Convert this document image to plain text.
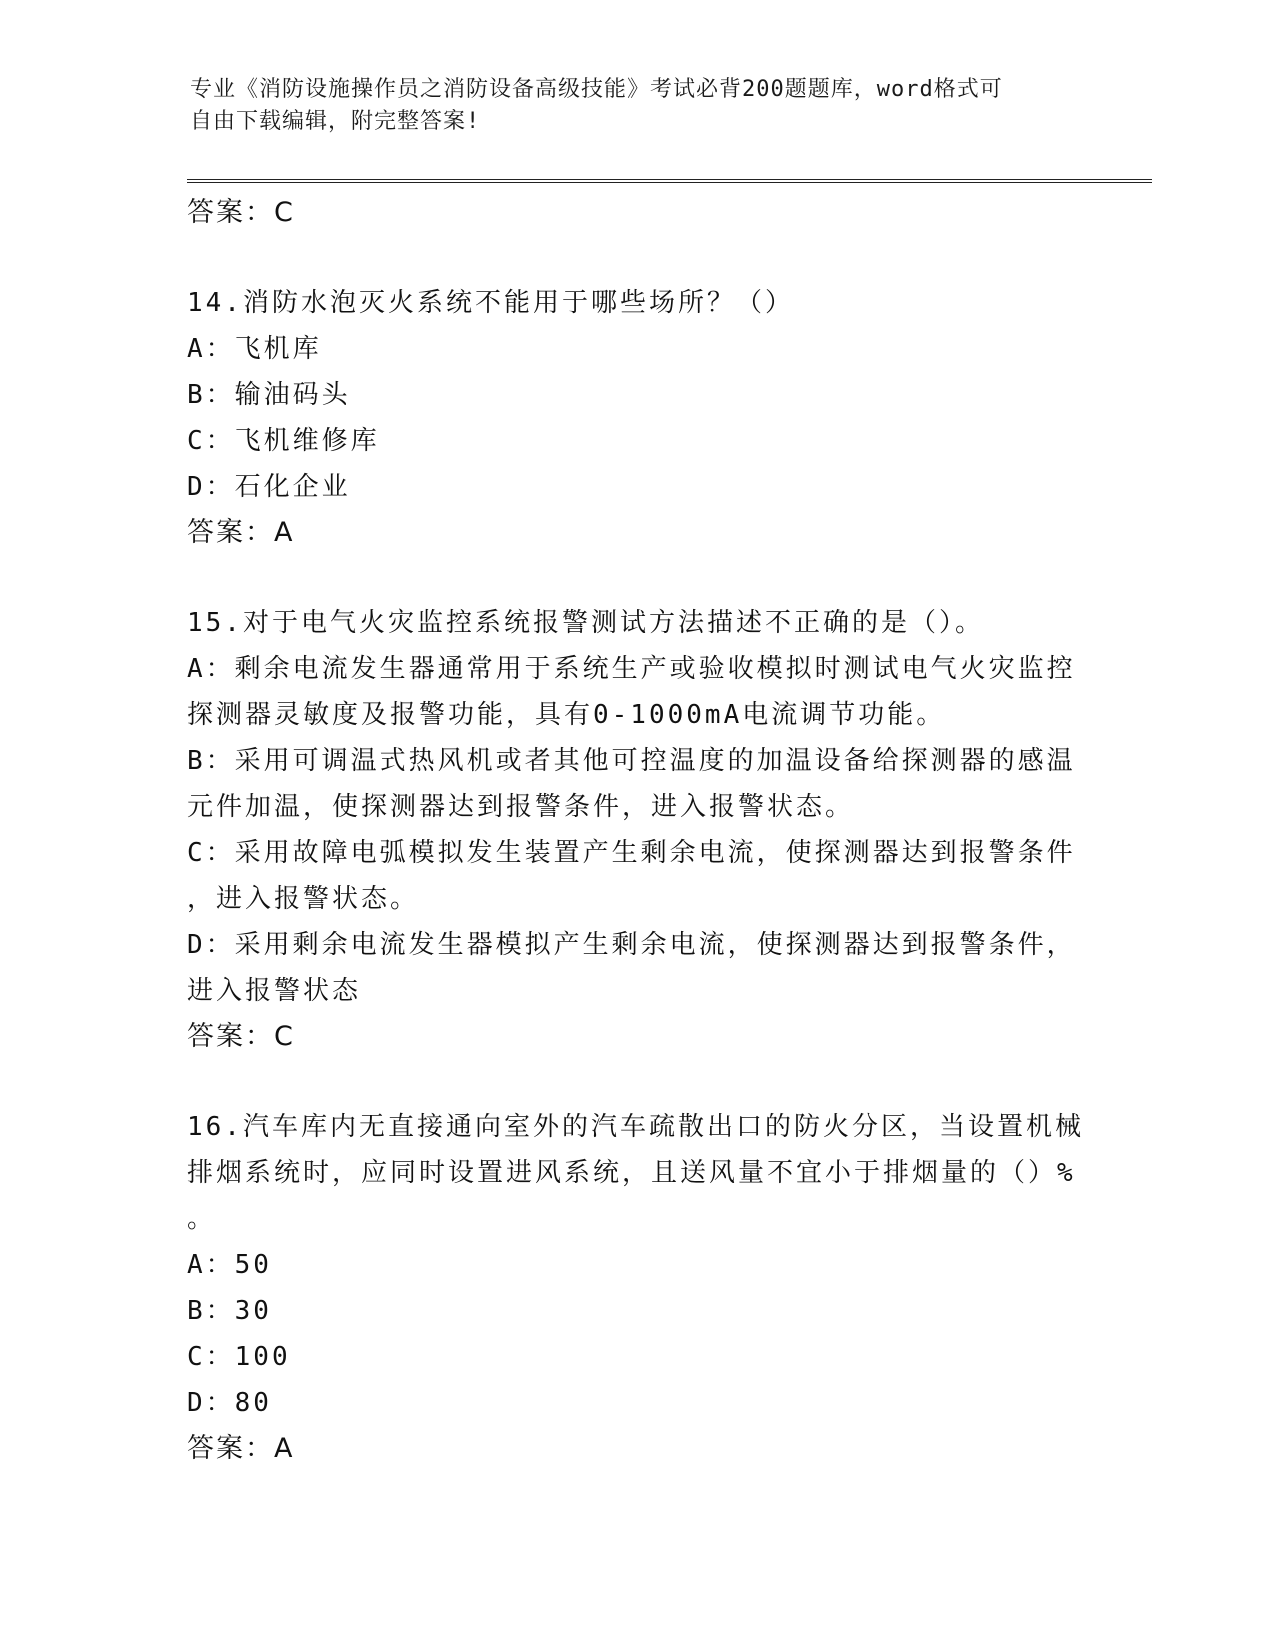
专业《消防设施操作员之消防设备高级技能》考试必背200题题库，word格式可
自由下载编辑，附完整答案!
答案：C
14.消防水泡灭火系统不能用于哪些场所？（）
A：飞机库
B：输油码头
C：飞机维修库
D：石化企业
答案：A
15.对于电气火灾监控系统报警测试方法描述不正确的是（）。
A：剩余电流发生器通常用于系统生产或验收模拟时测试电气火灾监控
探测器灵敏度及报警功能，具有0-1000mA电流调节功能。
B：采用可调温式热风机或者其他可控温度的加温设备给探测器的感温
元件加温，使探测器达到报警条件，进入报警状态。
C：采用故障电弧模拟发生装置产生剩余电流，使探测器达到报警条件
，进入报警状态。
D：采用剩余电流发生器模拟产生剩余电流，使探测器达到报警条件，
进入报警状态
答案：C
16.汽车库内无直接通向室外的汽车疏散出口的防火分区，当设置机械
排烟系统时，应同时设置进风系统，且送风量不宜小于排烟量的（）%
。
A：50
B：30
C：100
D：80
答案：A
